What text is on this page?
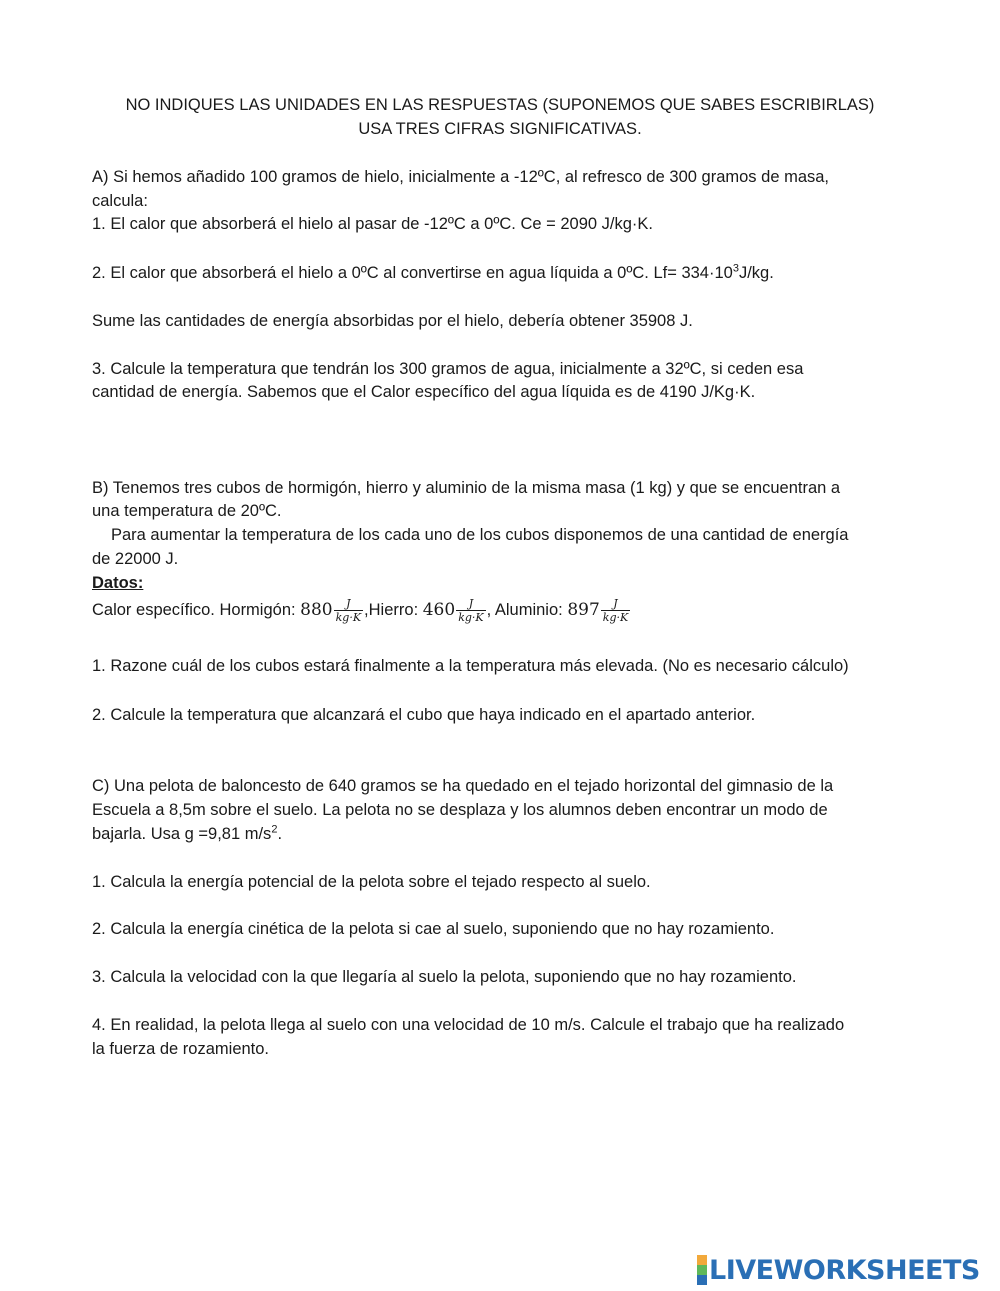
NO INDIQUES LAS UNIDADES EN LAS RESPUESTAS (SUPONEMOS QUE SABES ESCRIBIRLAS)
USA TRES CIFRAS SIGNIFICATIVAS.
A) Si hemos añadido 100 gramos de hielo, inicialmente a -12ºC, al refresco de 300 gramos de masa,
calcula:
1. El calor que absorberá el hielo al pasar de -12ºC a 0ºC. Ce = 2090 J/kg·K.
2. El calor que absorberá el hielo a 0ºC al convertirse en agua líquida a 0ºC. $Lf= 334\cdot 10^3J/kg$.
Sume las cantidades de energía absorbidas por el hielo, debería obtener 35908 J.
3. Calcule la temperatura que tendrán los 300 gramos de agua, inicialmente a 32ºC, si ceden esa
cantidad de energía. Sabemos que el Calor específico del agua líquida es de 4190 J/Kg·K.
B) Tenemos tres cubos de hormigón, hierro y aluminio de la misma masa (1 kg) y que se encuentran a
una temperatura de 20ºC.
Para aumentar la temperatura de los cada uno de los cubos disponemos de una cantidad de energía
de 22000 J.
Datos:
Calor específico. Hormigón: $880 \frac{J}{kg\cdot K}$ ,Hierro: $460 \frac{J}{kg\cdot K}$ , Aluminio: $897 \frac{J}{kg\cdot K}$
1. Razone cuál de los cubos estará finalmente a la temperatura más elevada. (No es necesario cálculo)
2. Calcule la temperatura que alcanzará el cubo que haya indicado en el apartado anterior.
C) Una pelota de baloncesto de 640 gramos se ha quedado en el tejado horizontal del gimnasio de la
Escuela a 8,5m sobre el suelo. La pelota no se desplaza y los alumnos deben encontrar un modo de
bajarla. Usa g =9,81 $m/s^2$.
1. Calcula la energía potencial de la pelota sobre el tejado respecto al suelo.
2. Calcula la energía cinética de la pelota si cae al suelo, suponiendo que no hay rozamiento.
3. Calcula la velocidad con la que llegaría al suelo la pelota, suponiendo que no hay rozamiento.
4. En realidad, la pelota llega al suelo con una velocidad de 10 m/s. Calcule el trabajo que ha realizado
la fuerza de rozamiento.
LIVEWORKSHEETS
